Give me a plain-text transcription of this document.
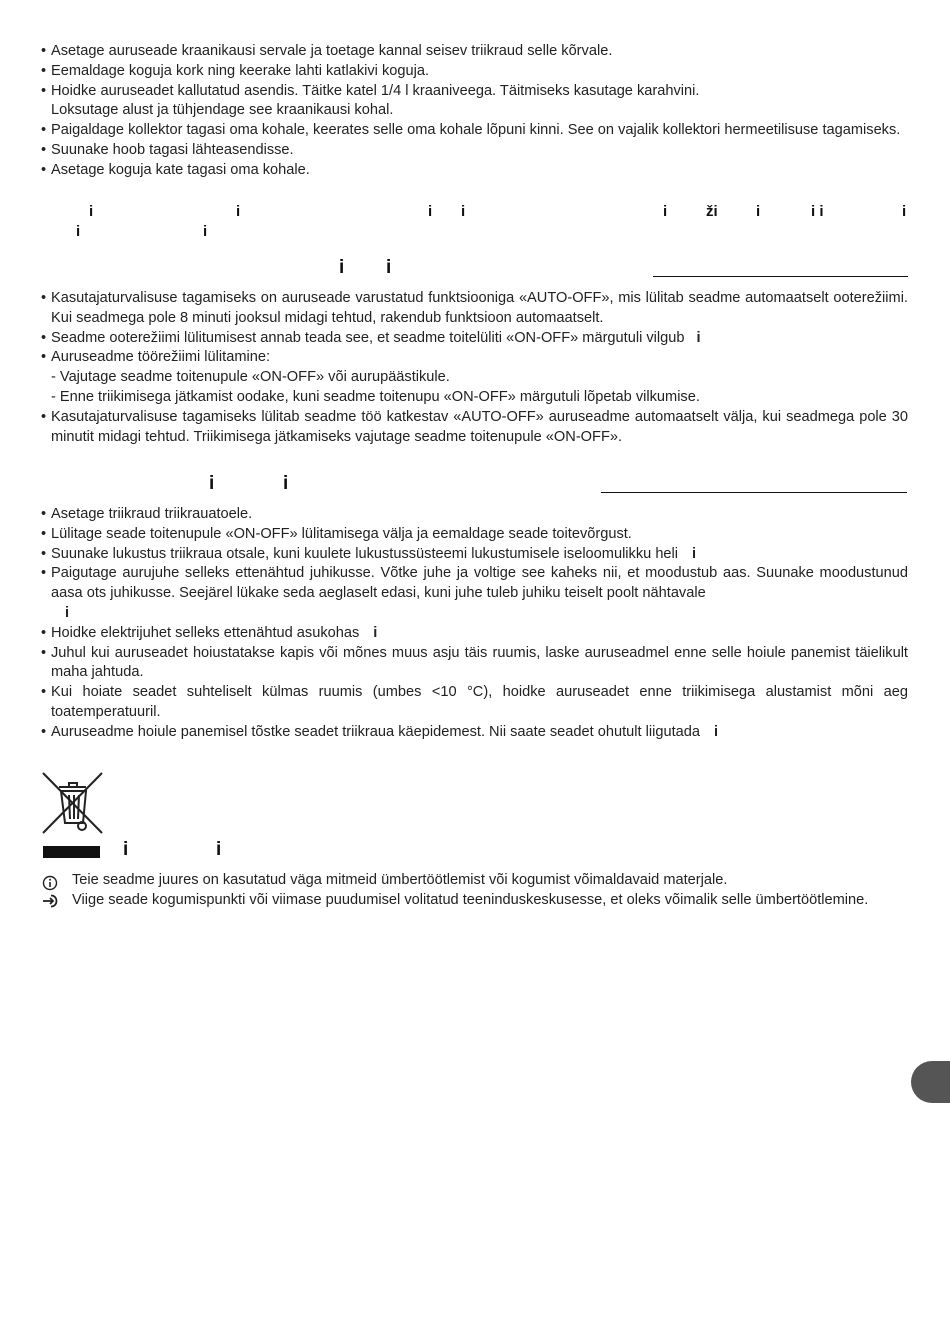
• Asetage auruseade kraanikausi servale ja toetage kannal seisev triikraud selle kõrvale.
• Eemaldage koguja kork ning keerake lahti katlakivi koguja.
• Hoidke auruseadet kallutatud asendis. Täitke katel 1/4 l kraaniveega. Täitmiseks kasutage karahvini.
Loksutage alust ja tühjendage see kraanikausi kohal.
• Paigaldage kollektor tagasi oma kohale, keerates selle oma kohale lõpuni kinni. See on vajalik kollektori hermeetilisuse tagamiseks.
• Suunake hoob tagasi lähteasendisse.
• Asetage koguja kate tagasi oma kohale.
i	i	i i	i	ži	i	i i	i
i	i
i i
• Kasutajaturvalisuse tagamiseks on auruseade varustatud funktsiooniga «AUTO-OFF», mis lülitab seadme automaatselt ooterežiimi. Kui seadmega pole 8 minuti jooksul midagi tehtud, rakendub funktsioon automaatselt.
• Seadme ooterežiimi lülitumisest annab teada see, et seadme toitelüliti «ON-OFF» märgutuli vilgub i
• Auruseadme töörežiimi lülitamine:
- Vajutage seadme toitenupule «ON-OFF» või aurupäästikule.
- Enne triikimisega jätkamist oodake, kuni seadme toitenupu «ON-OFF» märgutuli lõpetab vilkumise.
• Kasutajaturvalisuse tagamiseks lülitab seadme töö katkestav «AUTO-OFF» auruseadme automaatselt välja, kui seadmega pole 30 minutit midagi tehtud. Triikimisega jätkamiseks vajutage seadme toitenupule «ON-OFF».
i	i
• Asetage triikraud triikrauatoele.
• Lülitage seade toitenupule «ON-OFF» lülitamisega välja ja eemaldage seade toitevõrgust.
• Suunake lukustus triikraua otsale, kuni kuulete lukustussüsteemi lukustumisele iseloomulikku heli i
• Paigutage aurujuhe selleks ettenähtud juhikusse. Võtke juhe ja voltige see kaheks nii, et moodustub aas. Suunake moodustunud aasa ots juhikusse. Seejärel lükake seda aeglaselt edasi, kuni juhe tuleb juhiku teiselt poolt nähtavale
i
• Hoidke elektrijuhet selleks ettenähtud asukohas i
• Juhul kui auruseadet hoiustatakse kapis või mõnes muus asju täis ruumis, laske auruseadmel enne selle hoiule panemist täielikult maha jahtuda.
• Kui hoiate seadet suhteliselt külmas ruumis (umbes <10 °C), hoidke auruseadet enne triikimisega alustamist mõni aeg toatemperatuuril.
• Auruseadme hoiule panemisel tõstke seadet triikraua käepidemest. Nii saate seadet ohutult liigutada i
i	i
Teie seadme juures on kasutatud väga mitmeid ümbertöötlemist või kogumist võimaldavaid materjale.
Viige seade kogumispunkti või viimase puudumisel volitatud teeninduskeskusesse, et oleks võimalik selle ümbertöötlemine.
